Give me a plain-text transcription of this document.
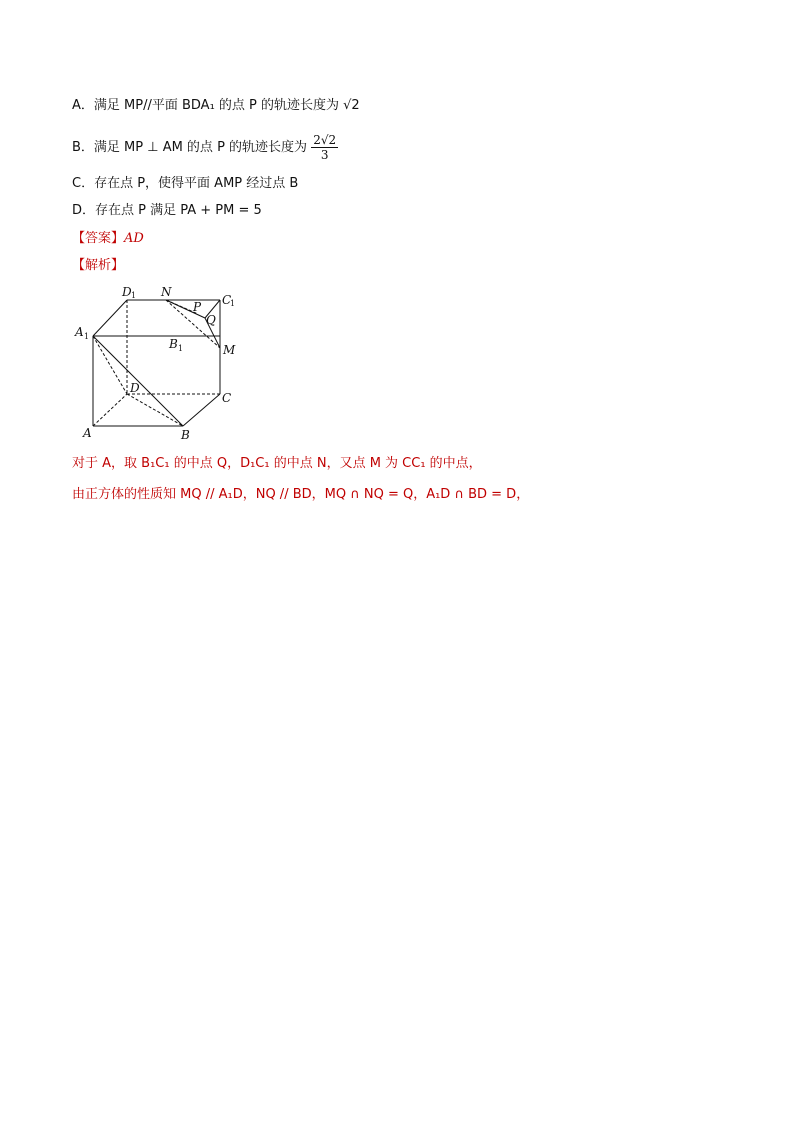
A．满足 MP//平面 BDA₁ 的点 P 的轨迹长度为 √2
B．满足 MP ⊥ AM 的点 P 的轨迹长度为 $\frac{2√2}{3}$
C．存在点 P，使得平面 AMP 经过点 B
D．存在点 P 满足 PA + PM = 5
【答案】AD
【解析】
D 1 N
P C
1
Q
A 1
B 1	M
D
C
A	B
对于 A，取 B₁C₁ 的中点 Q，D₁C₁ 的中点 N，又点 M 为 CC₁ 的中点，
由正方体的性质知 MQ // A₁D，NQ // BD，MQ ∩ NQ = Q，A₁D ∩ BD = D，
